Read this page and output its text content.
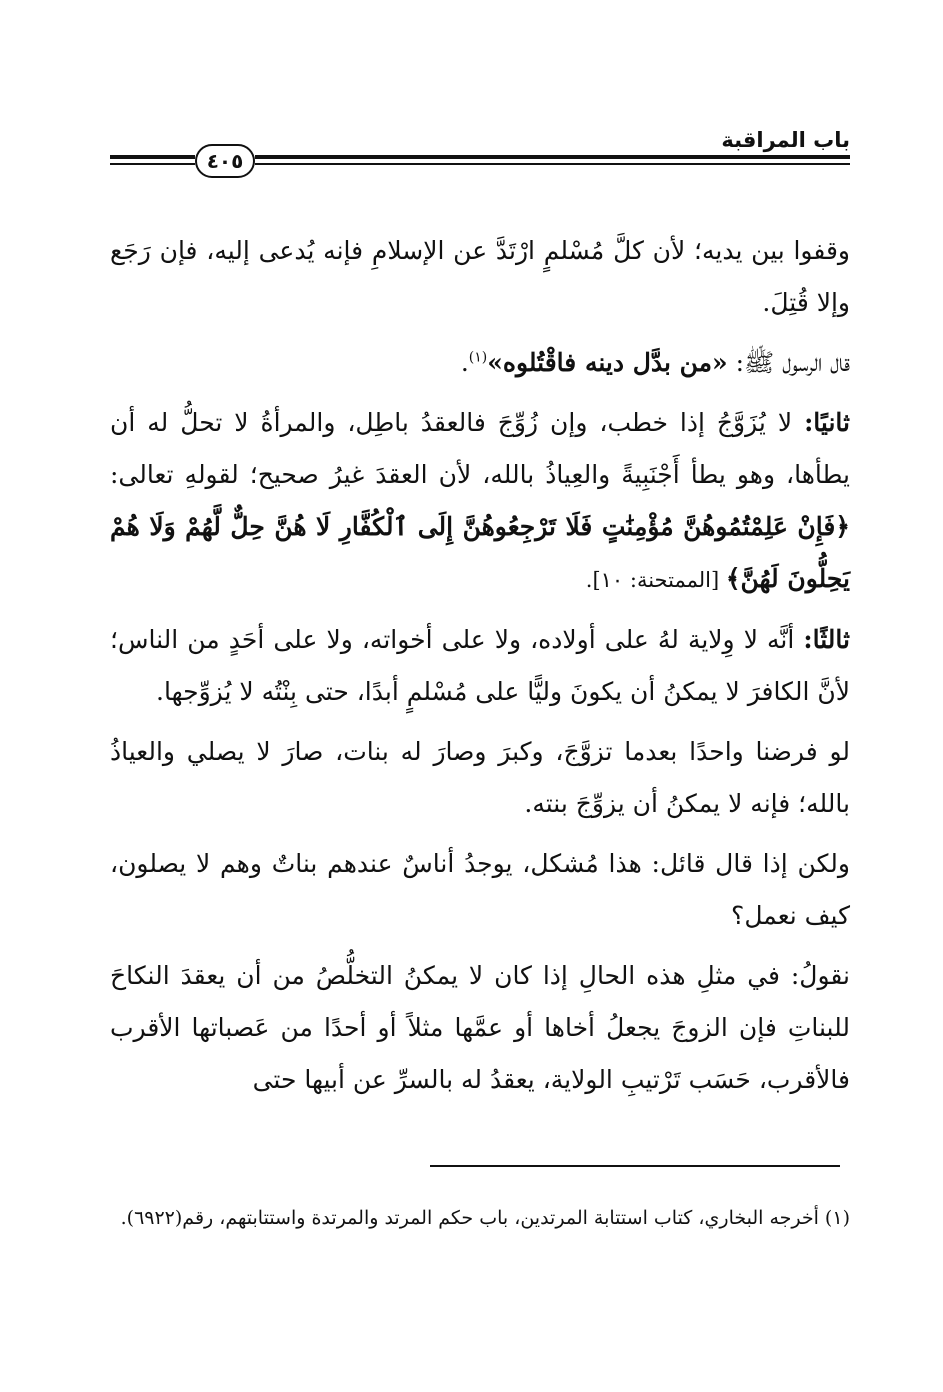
باب المراقبة
٤٠٥

وقفوا بين يديه؛ لأن كلَّ مُسْلمٍ ارْتَدَّ عن الإسلامِ فإنه يُدعى إليه، فإن رَجَع وإلا قُتِلَ.

قال الرسول ﷺ: «من بدَّل دينه فاقْتُلوه»$^{(١)}$.

ثانيًا: لا يُزَوَّجُ إذا خطب، وإن زُوِّجَ فالعقدُ باطِل، والمرأةُ لا تحلُّ له أن يطأها، وهو يطأ أَجْنَبِيةً والعِياذُ بالله، لأن العقدَ غيرُ صحيح؛ لقولهِ تعالى: ﴿فَإِنْ عَلِمْتُمُوهُنَّ مُؤْمِنَٰتٍ فَلَا تَرْجِعُوهُنَّ إِلَى ٱلْكُفَّارِ لَا هُنَّ حِلٌّ لَّهُمْ وَلَا هُمْ يَحِلُّونَ لَهُنَّ﴾ [الممتحنة: ١٠].

ثالثًا: أنَّه لا وِلاية لهُ على أولاده، ولا على أخواته، ولا على أحَدٍ من الناس؛ لأنَّ الكافرَ لا يمكنُ أن يكونَ وليًّا على مُسْلمٍ أبدًا، حتى بِنْتُه لا يُزوِّجها.

لو فرضنا واحدًا بعدما تزوَّجَ، وكبرَ وصارَ له بنات، صارَ لا يصلي والعياذُ بالله؛ فإنه لا يمكنُ أن يزوِّجَ بنته.

ولكن إذا قال قائل: هذا مُشكل، يوجدُ أناسٌ عندهم بناتٌ وهم لا يصلون، كيف نعمل؟

نقولُ: في مثلِ هذه الحالِ إذا كان لا يمكنُ التخلُّصُ من أن يعقدَ النكاحَ للبناتِ فإن الزوجَ يجعلُ أخاها أو عمَّها مثلاً أو أحدًا من عَصباتها الأقرب فالأقرب، حَسَب تَرْتيبِ الولاية، يعقدُ له بالسرِّ عن أبيها حتى

(١) أخرجه البخاري، كتاب استتابة المرتدين، باب حكم المرتد والمرتدة واستتابتهم، رقم(٦٩٢٢).
